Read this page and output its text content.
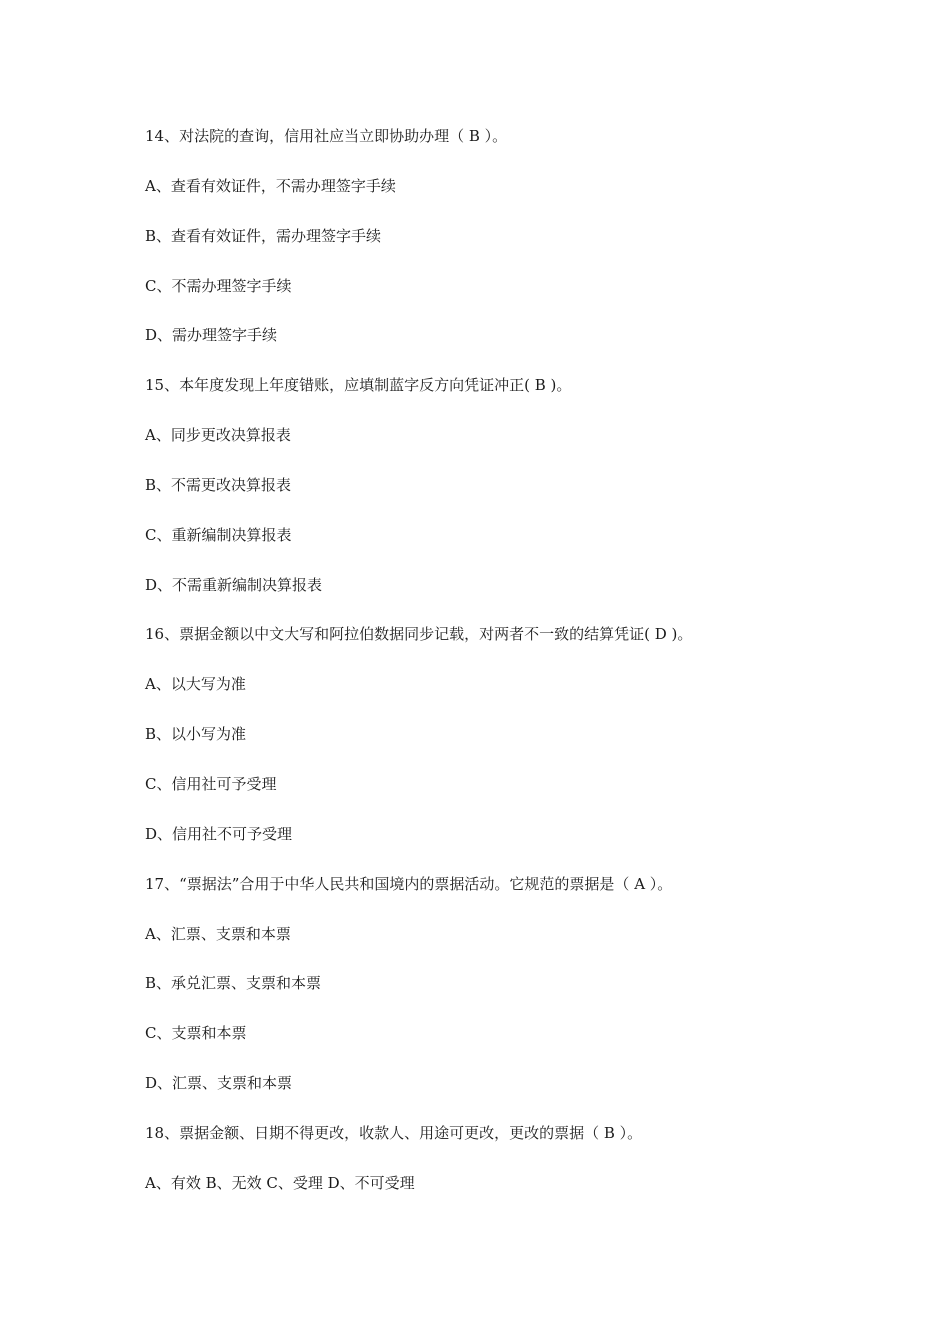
14、对法院的查询，信用社应当立即协助办理（ B ）。
A、查看有效证件，不需办理签字手续
B、查看有效证件，需办理签字手续
C、不需办理签字手续
D、需办理签字手续
15、本年度发现上年度错账，应填制蓝字反方向凭证冲正( B )。
A、同步更改决算报表
B、不需更改决算报表
C、重新编制决算报表
D、不需重新编制决算报表
16、票据金额以中文大写和阿拉伯数据同步记载，对两者不一致的结算凭证( D )。
A、以大写为准
B、以小写为准
C、信用社可予受理
D、信用社不可予受理
17、“票据法”合用于中华人民共和国境内的票据活动。它规范的票据是（ A ）。
A、汇票、支票和本票
B、承兑汇票、支票和本票
C、支票和本票
D、汇票、支票和本票
18、票据金额、日期不得更改，收款人、用途可更改，更改的票据（ B ）。
A、有效 B、无效 C、受理 D、不可受理
